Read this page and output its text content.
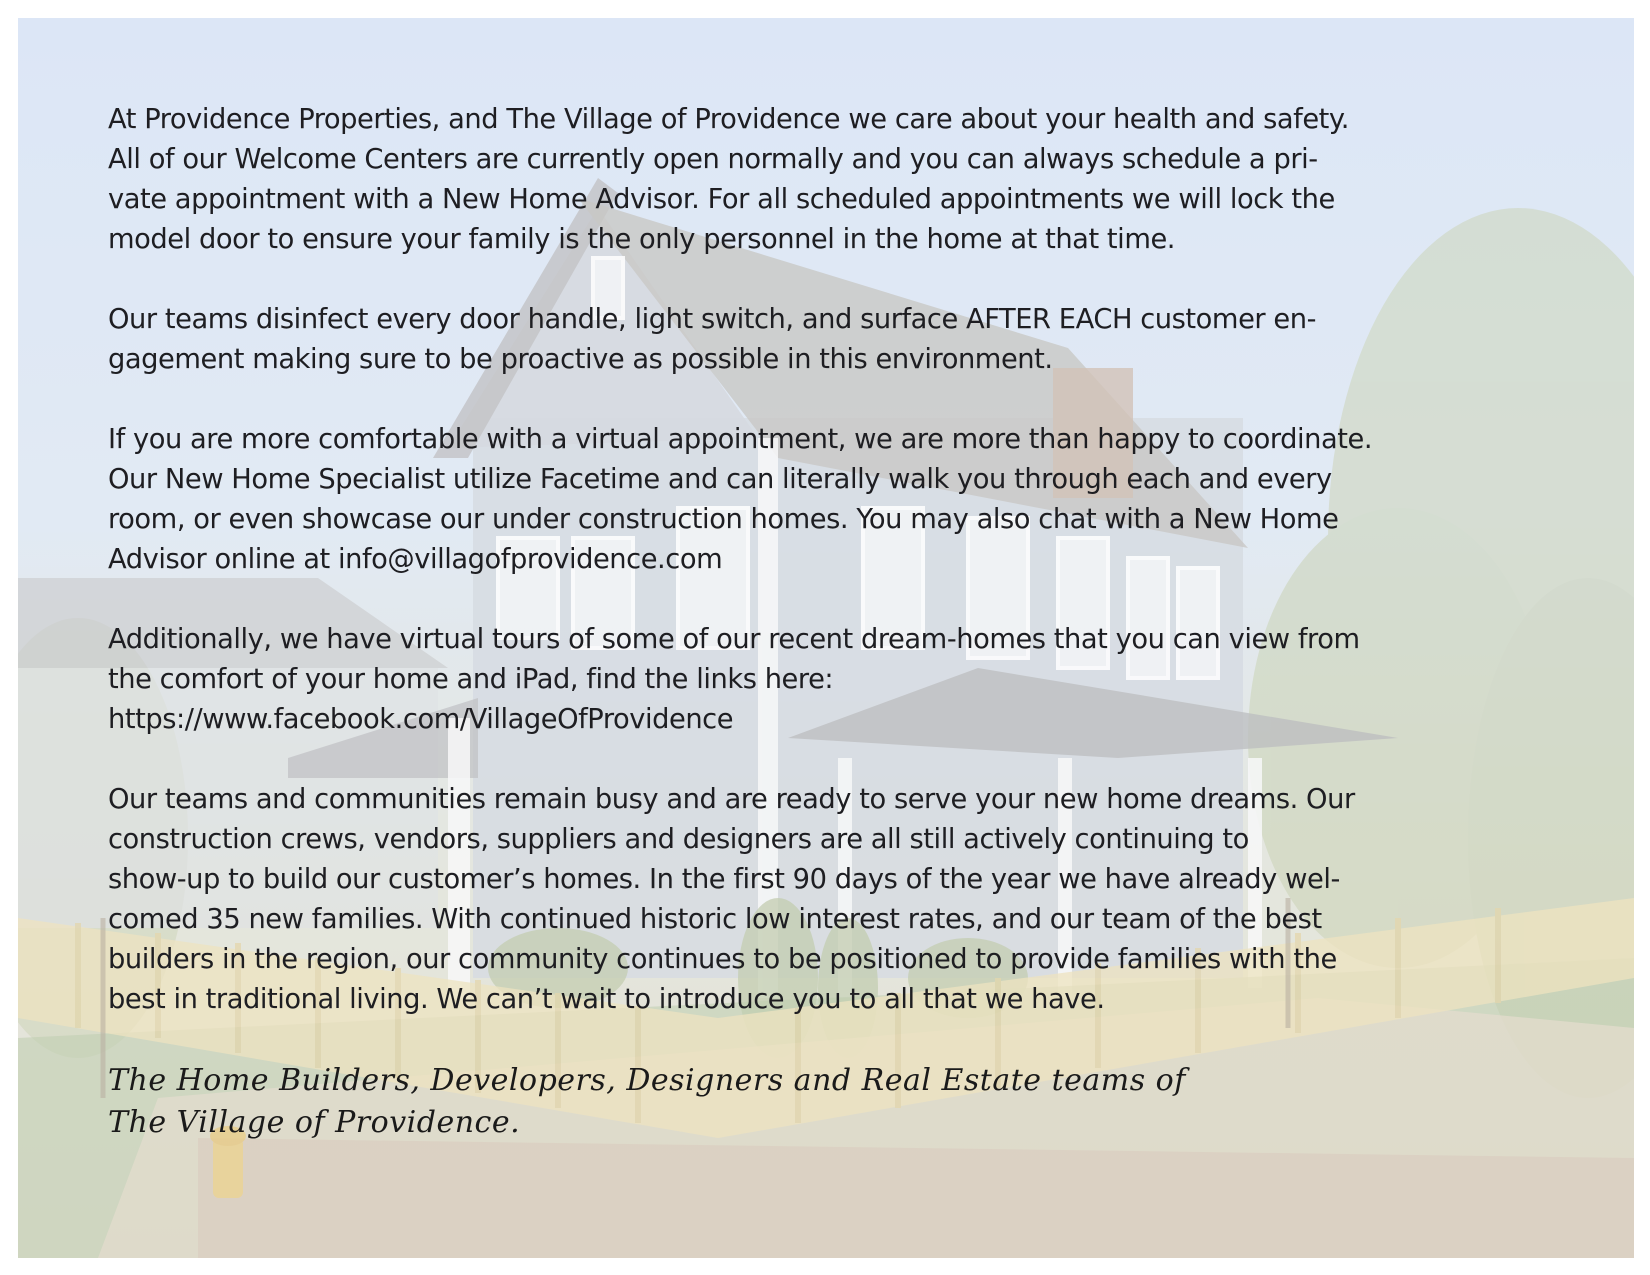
At Providence Properties, and The Village of Providence we care about your health and safety.
All of our Welcome Centers are currently open normally and you can always schedule a pri-
vate appointment with a New Home Advisor. For all scheduled appointments we will lock the
model door to ensure your family is the only personnel in the home at that time.

Our teams disinfect every door handle, light switch, and surface AFTER EACH customer en-
gagement making sure to be proactive as possible in this environment.

If you are more comfortable with a virtual appointment, we are more than happy to coordinate.
Our New Home Specialist utilize Facetime and can literally walk you through each and every
room, or even showcase our under construction homes. You may also chat with a New Home
Advisor online at info@villagofprovidence.com

Additionally, we have virtual tours of some of our recent dream-homes that you can view from
the comfort of your home and iPad, find the links here:
https://www.facebook.com/VillageOfProvidence

Our teams and communities remain busy and are ready to serve your new home dreams. Our
construction crews, vendors, suppliers and designers are all still actively continuing to
show-up to build our customer’s homes. In the first 90 days of the year we have already wel-
comed 35 new families. With continued historic low interest rates, and our team of the best
builders in the region, our community continues to be positioned to provide families with the
best in traditional living. We can’t wait to introduce you to all that we have.

The Home Builders, Developers, Designers and Real Estate teams of
The Village of Providence.
